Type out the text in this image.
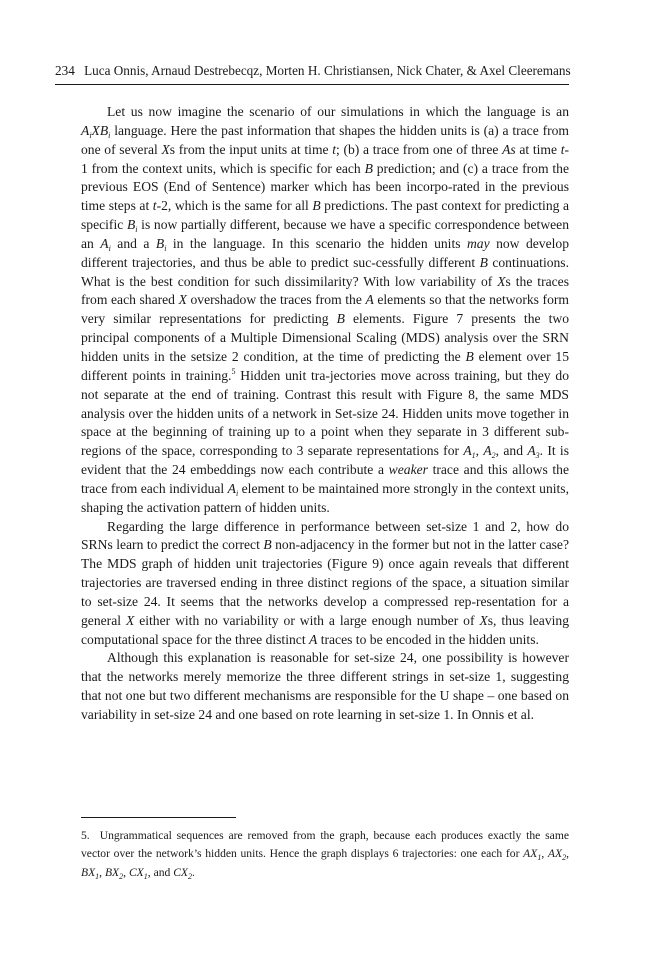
234 Luca Onnis, Arnaud Destrebecqz, Morten H. Christiansen, Nick Chater, & Axel Cleeremans

Let us now imagine the scenario of our simulations in which the language is an $A_iXB_i$ language. Here the past information that shapes the hidden units is (a) a trace from one of several Xs from the input units at time t; (b) a trace from one of three As at time t-1 from the context units, which is specific for each B prediction; and (c) a trace from the previous EOS (End of Sentence) marker which has been incorpo-rated in the previous time steps at t-2, which is the same for all B predictions. The past context for predicting a specific $B_i$ is now partially different, because we have a specific correspondence between an $A_i$ and a $B_i$ in the language. In this scenario the hidden units may now develop different trajectories, and thus be able to predict suc-cessfully different B continuations. What is the best condition for such dissimilarity? With low variability of Xs the traces from each shared X overshadow the traces from the A elements so that the networks form very similar representations for predicting B elements. Figure 7 presents the two principal components of a Multiple Dimensional Scaling (MDS) analysis over the SRN hidden units in the setsize 2 condition, at the time of predicting the B element over 15 different points in training.$^5$ Hidden unit tra-jectories move across training, but they do not separate at the end of training. Contrast this result with Figure 8, the same MDS analysis over the hidden units of a network in Set-size 24. Hidden units move together in space at the beginning of training up to a point when they separate in 3 different sub-regions of the space, corresponding to 3 separate representations for $A_1$, $A_2$, and $A_3$. It is evident that the 24 embeddings now each contribute a weaker trace and this allows the trace from each individual $A_i$ element to be maintained more strongly in the context units, shaping the activation pattern of hidden units.

Regarding the large difference in performance between set-size 1 and 2, how do SRNs learn to predict the correct B non-adjacency in the former but not in the latter case? The MDS graph of hidden unit trajectories (Figure 9) once again reveals that different trajectories are traversed ending in three distinct regions of the space, a situation similar to set-size 24. It seems that the networks develop a compressed rep-resentation for a general X either with no variability or with a large enough number of Xs, thus leaving computational space for the three distinct A traces to be encoded in the hidden units.

Although this explanation is reasonable for set-size 24, one possibility is however that the networks merely memorize the three different strings in set-size 1, suggesting that not one but two different mechanisms are responsible for the U shape – one based on variability in set-size 24 and one based on rote learning in set-size 1. In Onnis et al.

5. Ungrammatical sequences are removed from the graph, because each produces exactly the same vector over the network’s hidden units. Hence the graph displays 6 trajectories: one each for $AX_1$, $AX_2$, $BX_1$, $BX_2$, $CX_1$, and $CX_2$.
